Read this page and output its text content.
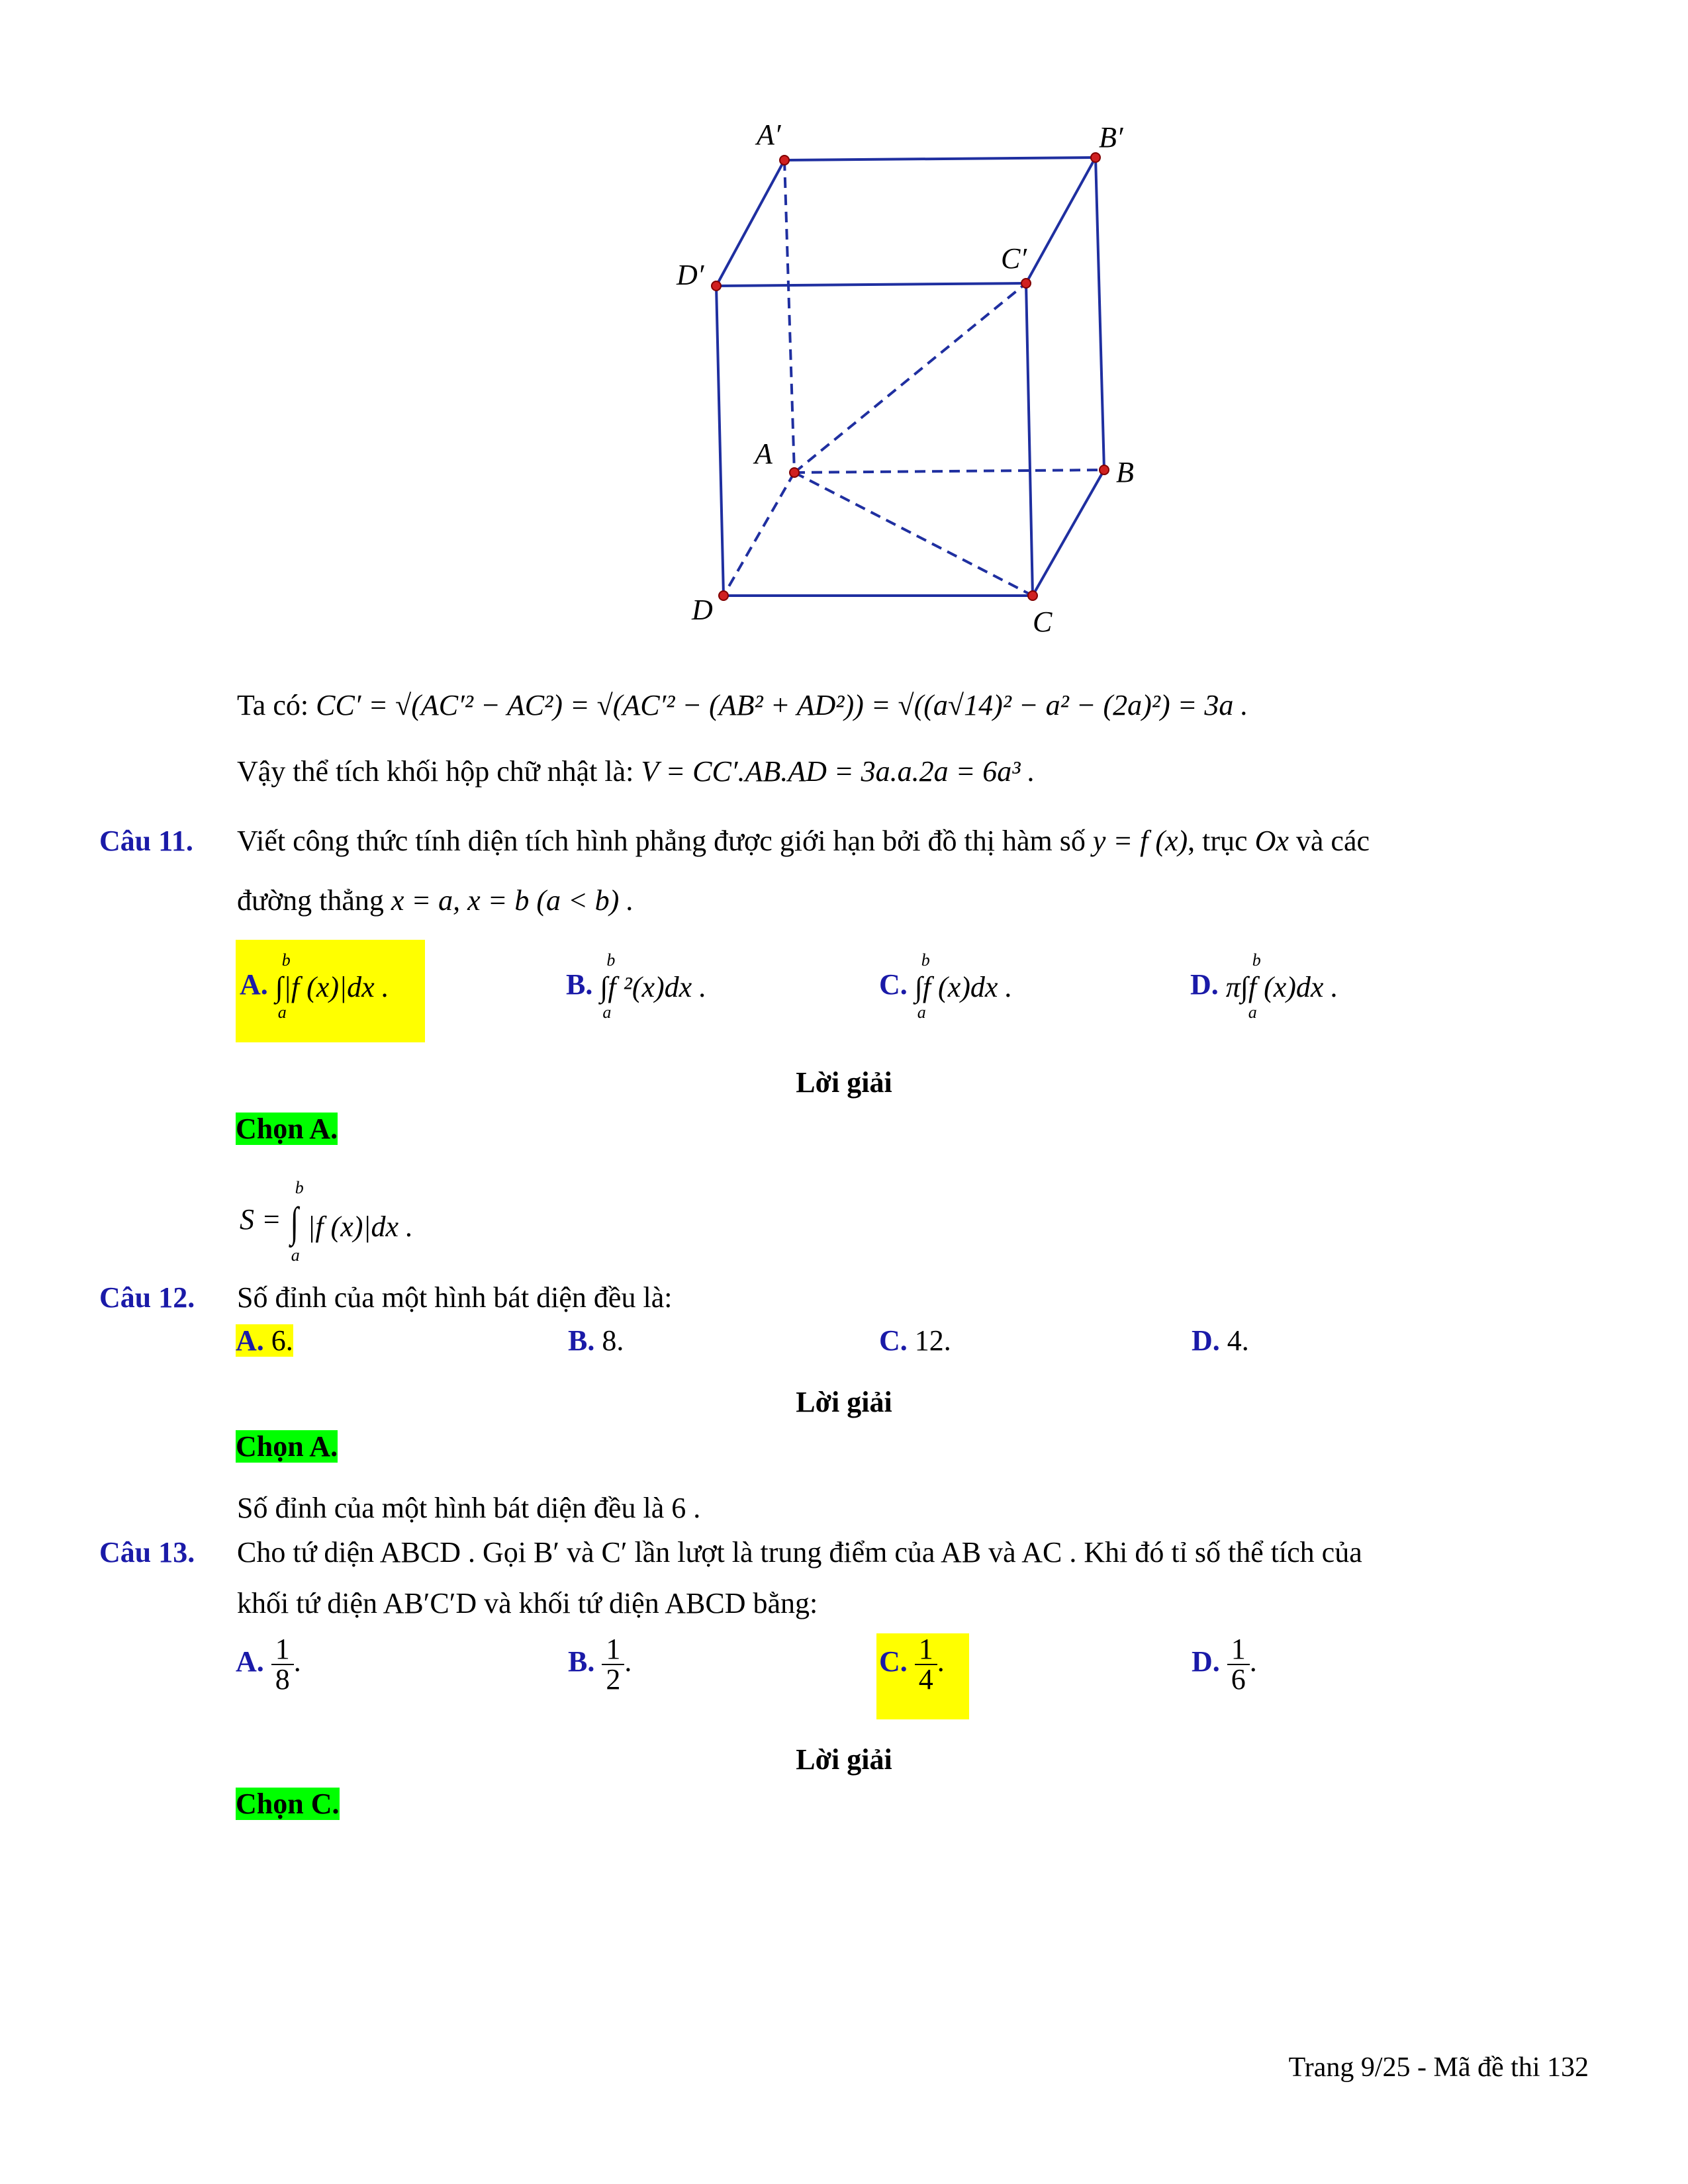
A′	B′
C′
D′
A
B
C
D
Ta có: CC′ = √(AC′² − AC²) = √(AC′² − (AB² + AD²)) = √((a√14)² − a² − (2a)²) = 3a .
Vậy thể tích khối hộp chữ nhật là: V = CC′.AB.AD = 3a.a.2a = 6a³ .
Câu 11. Viết công thức tính diện tích hình phẳng được giới hạn bởi đồ thị hàm số y = f (x), trục Ox và các
đường thẳng x = a, x = b (a < b) .
A.
b
∫|f (x)|dx .
a
B.
b
∫f ²(x)dx .
a
C.
b
∫f (x)dx .
a
D.
b
π∫f (x)dx .
a
Lời giải
Chọn A.
S =
b
∫ |f (x)|dx .
a
Câu 12. Số đỉnh của một hình bát diện đều là:
A. 6.	B. 8.	C. 12.	D. 4.
Lời giải
Chọn A.
Số đỉnh của một hình bát diện đều là 6 .
Câu 13. Cho tứ diện ABCD . Gọi B′ và C′ lần lượt là trung điểm của AB và AC . Khi đó tỉ số thể tích của
khối tứ diện AB′C′D và khối tứ diện ABCD bằng:
A. $\frac{1}{8}$ .	B. $\frac{1}{2}$ .	C. $\frac{1}{4}$ .	D. $\frac{1}{6}$ .
Lời giải
Chọn C.
Trang 9/25 - Mã đề thi 132
